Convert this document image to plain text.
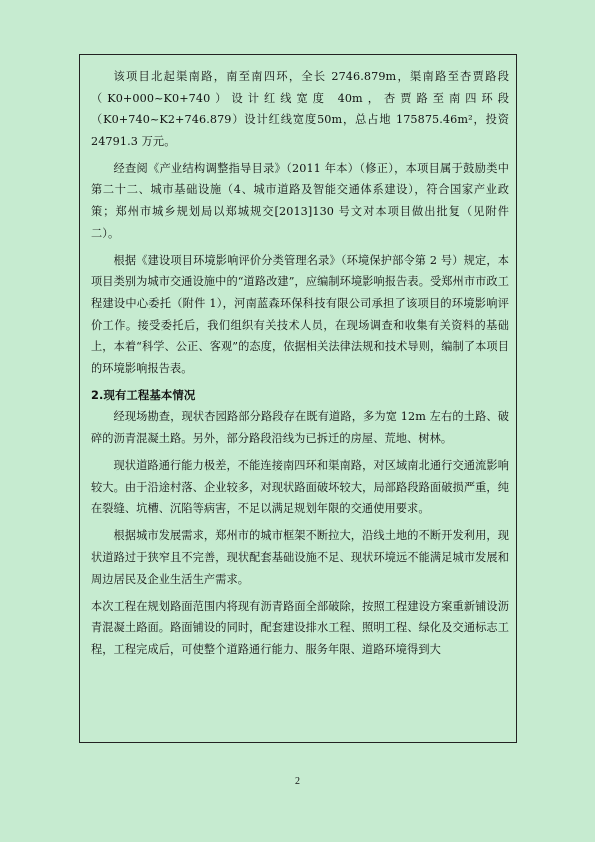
该项目北起渠南路，南至南四环，全长 2746.879m，渠南路至杏贾路段（K0+000~K0+740）设计红线宽度 40m，杏贾路至南四环段（K0+740~K2+746.879）设计红线宽度50m，总占地 175875.46m²，投资 24791.3 万元。

经查阅《产业结构调整指导目录》（2011 年本）（修正），本项目属于鼓励类中第二十二、城市基础设施（4、城市道路及智能交通体系建设），符合国家产业政策；郑州市城乡规划局以郑城规交[2013]130 号文对本项目做出批复（见附件二）。

根据《建设项目环境影响评价分类管理名录》（环境保护部令第 2 号）规定，本项目类别为城市交通设施中的“道路改建”，应编制环境影响报告表。受郑州市市政工程建设中心委托（附件 1），河南蓝森环保科技有限公司承担了该项目的环境影响评价工作。接受委托后，我们组织有关技术人员，在现场调查和收集有关资料的基础上，本着“科学、公正、客观”的态度，依据相关法律法规和技术导则，编制了本项目的环境影响报告表。

2.现有工程基本情况

经现场勘查，现状杏园路部分路段存在既有道路，多为宽 12m 左右的土路、破碎的沥青混凝土路。另外，部分路段沿线为已拆迁的房屋、荒地、树林。

现状道路通行能力极差，不能连接南四环和渠南路，对区域南北通行交通流影响较大。由于沿途村落、企业较多，对现状路面破坏较大，局部路段路面破损严重，纯在裂缝、坑槽、沉陷等病害，不足以满足规划年限的交通使用要求。

根据城市发展需求，郑州市的城市框架不断拉大，沿线土地的不断开发利用，现状道路过于狭窄且不完善，现状配套基础设施不足、现状环境远不能满足城市发展和周边居民及企业生活生产需求。

本次工程在规划路面范围内将现有沥青路面全部破除，按照工程建设方案重新铺设沥青混凝土路面。路面铺设的同时，配套建设排水工程、照明工程、绿化及交通标志工程，工程完成后，可使整个道路通行能力、服务年限、道路环境得到大

2
